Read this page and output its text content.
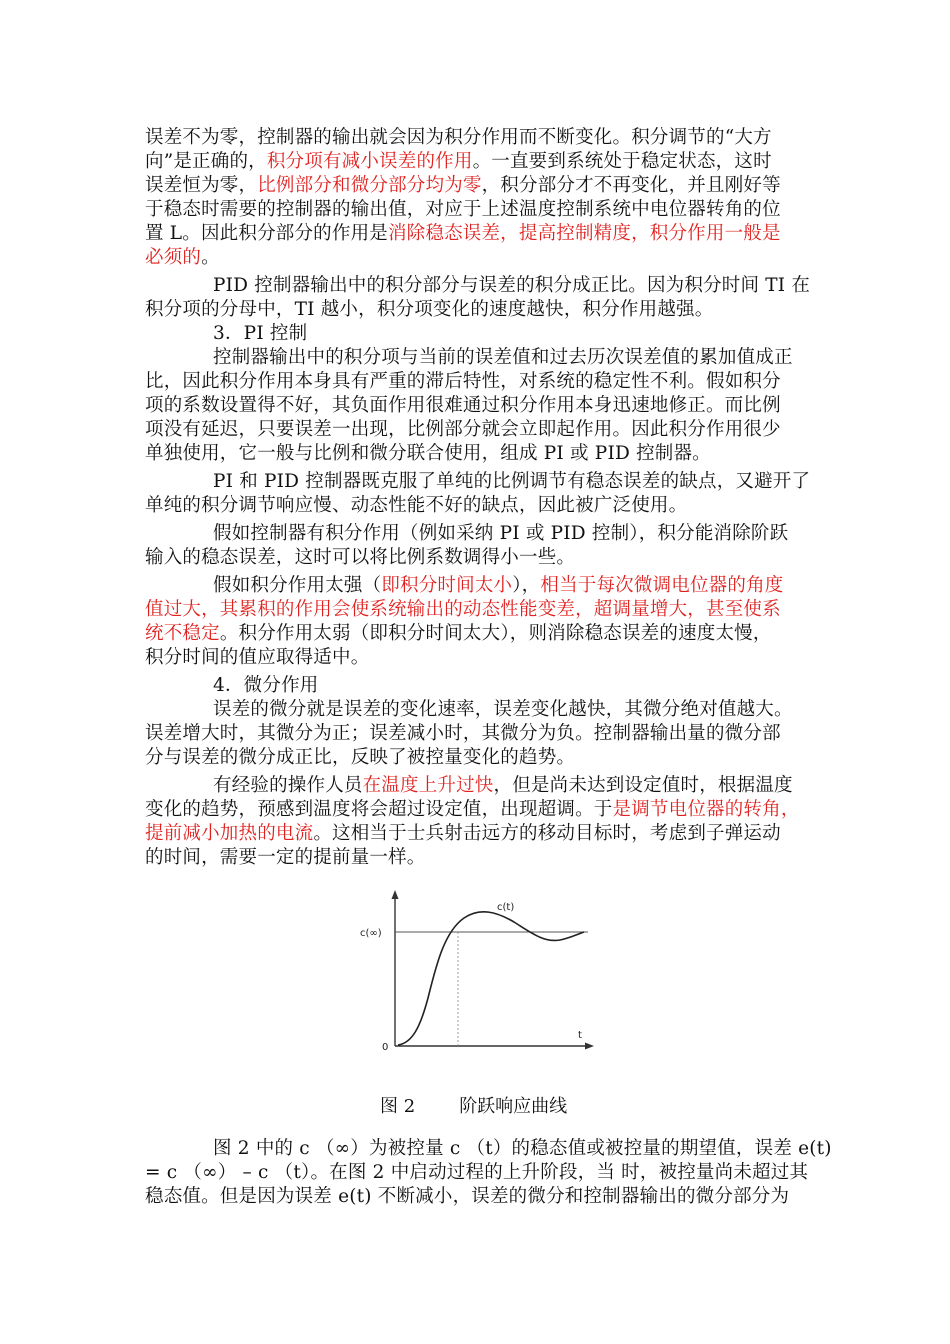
误差不为零，控制器的输出就会因为积分作用而不断变化。积分调节的“大方
向”是正确的，积分项有减小误差的作用。一直要到系统处于稳定状态，这时
误差恒为零，比例部分和微分部分均为零，积分部分才不再变化，并且刚好等
于稳态时需要的控制器的输出值，对应于上述温度控制系统中电位器转角的位
置 L。因此积分部分的作用是消除稳态误差，提高控制精度，积分作用一般是
必须的。
PID 控制器输出中的积分部分与误差的积分成正比。因为积分时间 TI 在
积分项的分母中，TI 越小，积分项变化的速度越快，积分作用越强。
3．PI 控制
控制器输出中的积分项与当前的误差值和过去历次误差值的累加值成正
比，因此积分作用本身具有严重的滞后特性，对系统的稳定性不利。假如积分
项的系数设置得不好，其负面作用很难通过积分作用本身迅速地修正。而比例
项没有延迟，只要误差一出现，比例部分就会立即起作用。因此积分作用很少
单独使用，它一般与比例和微分联合使用，组成 PI 或 PID 控制器。
PI 和 PID 控制器既克服了单纯的比例调节有稳态误差的缺点，又避开了
单纯的积分调节响应慢、动态性能不好的缺点，因此被广泛使用。
假如控制器有积分作用（例如采纳 PI 或 PID 控制），积分能消除阶跃
输入的稳态误差，这时可以将比例系数调得小一些。
假如积分作用太强（即积分时间太小），相当于每次微调电位器的角度
值过大，其累积的作用会使系统输出的动态性能变差，超调量增大，甚至使系
统不稳定。积分作用太弱（即积分时间太大），则消除稳态误差的速度太慢，
积分时间的值应取得适中。
4．微分作用
误差的微分就是误差的变化速率，误差变化越快，其微分绝对值越大。
误差增大时，其微分为正；误差减小时，其微分为负。控制器输出量的微分部
分与误差的微分成正比，反映了被控量变化的趋势。
有经验的操作人员在温度上升过快，但是尚未达到设定值时，根据温度
变化的趋势，预感到温度将会超过设定值，出现超调。于是调节电位器的转角，
提前减小加热的电流。这相当于士兵射击远方的移动目标时，考虑到子弹运动
的时间，需要一定的提前量一样。
图 2 中的 c （∞）为被控量 c （t）的稳态值或被控量的期望值，误差 e(t)
= c （∞） – c （t）。在图 2 中启动过程的上升阶段，当 时，被控量尚未超过其
稳态值。但是因为误差 e(t) 不断减小，误差的微分和控制器输出的微分部分为
c(∞)
c(t)
0
t
图 2 阶跃响应曲线
